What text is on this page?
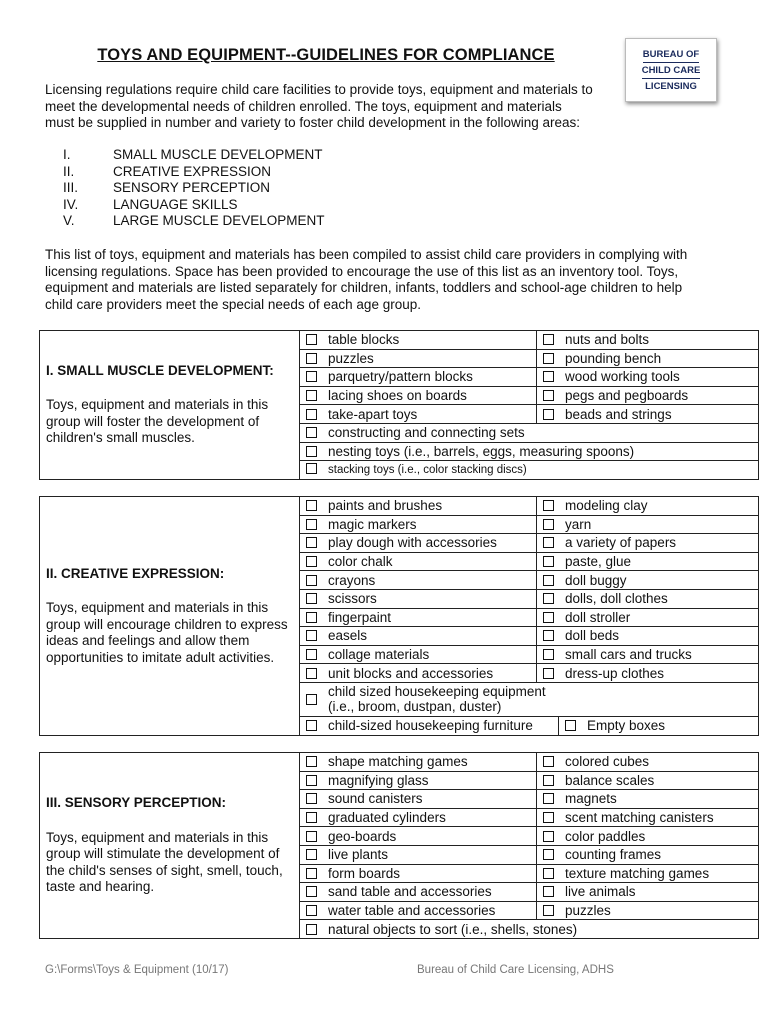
TOYS AND EQUIPMENT--GUIDELINES FOR COMPLIANCE	BUREAU OF
CHILD CARE
LICENSING

Licensing regulations require child care facilities to provide toys, equipment and materials to
meet the developmental needs of children enrolled. The toys, equipment and materials
must be supplied in number and variety to foster child development in the following areas:

I.	SMALL MUSCLE DEVELOPMENT
II.	CREATIVE EXPRESSION
III.	SENSORY PERCEPTION
IV.	LANGUAGE SKILLS
V.	LARGE MUSCLE DEVELOPMENT

This list of toys, equipment and materials has been compiled to assist child care providers in complying with
licensing regulations. Space has been provided to encourage the use of this list as an inventory tool. Toys,
equipment and materials are listed separately for children, infants, toddlers and school-age children to help
child care providers meet the special needs of each age group.

I. SMALL MUSCLE DEVELOPMENT:
Toys, equipment and materials in this
group will foster the development of
children's small muscles.	table blocks	nuts and bolts
	puzzles	pounding bench
	parquetry/pattern blocks	wood working tools
	lacing shoes on boards	pegs and pegboards
	take-apart toys	beads and strings
	constructing and connecting sets	
	nesting toys (i.e., barrels, eggs, measuring spoons)	
	stacking toys (i.e., color stacking discs)	
II. CREATIVE EXPRESSION:
Toys, equipment and materials in this
group will encourage children to express
ideas and feelings and allow them
opportunities to imitate adult activities.	paints and brushes	modeling clay	
	magic markers	yarn	
	play dough with accessories	a variety of papers	
	color chalk	paste, glue	
	crayons	doll buggy	
	scissors	dolls, doll clothes	
	fingerpaint	doll stroller	
	easels	doll beds	
	collage materials	small cars and trucks	
	unit blocks and accessories	dress-up clothes	

	child sized housekeeping equipment
(i.e., broom, dustpan, duster)		

	child-sized housekeeping furniture		Empty boxes
III. SENSORY PERCEPTION:
Toys, equipment and materials in this
group will stimulate the development of
the child's senses of sight, smell, touch,
taste and hearing.	shape matching games	colored cubes
	magnifying glass	balance scales
	sound canisters	magnets
	graduated cylinders	scent matching canisters
	geo-boards	color paddles
	live plants	counting frames
	form boards	texture matching games
	sand table and accessories	live animals
	water table and accessories	puzzles
	natural objects to sort (i.e., shells, stones)	
G:\Forms\Toys & Equipment (10/17)	Bureau of Child Care Licensing, ADHS
